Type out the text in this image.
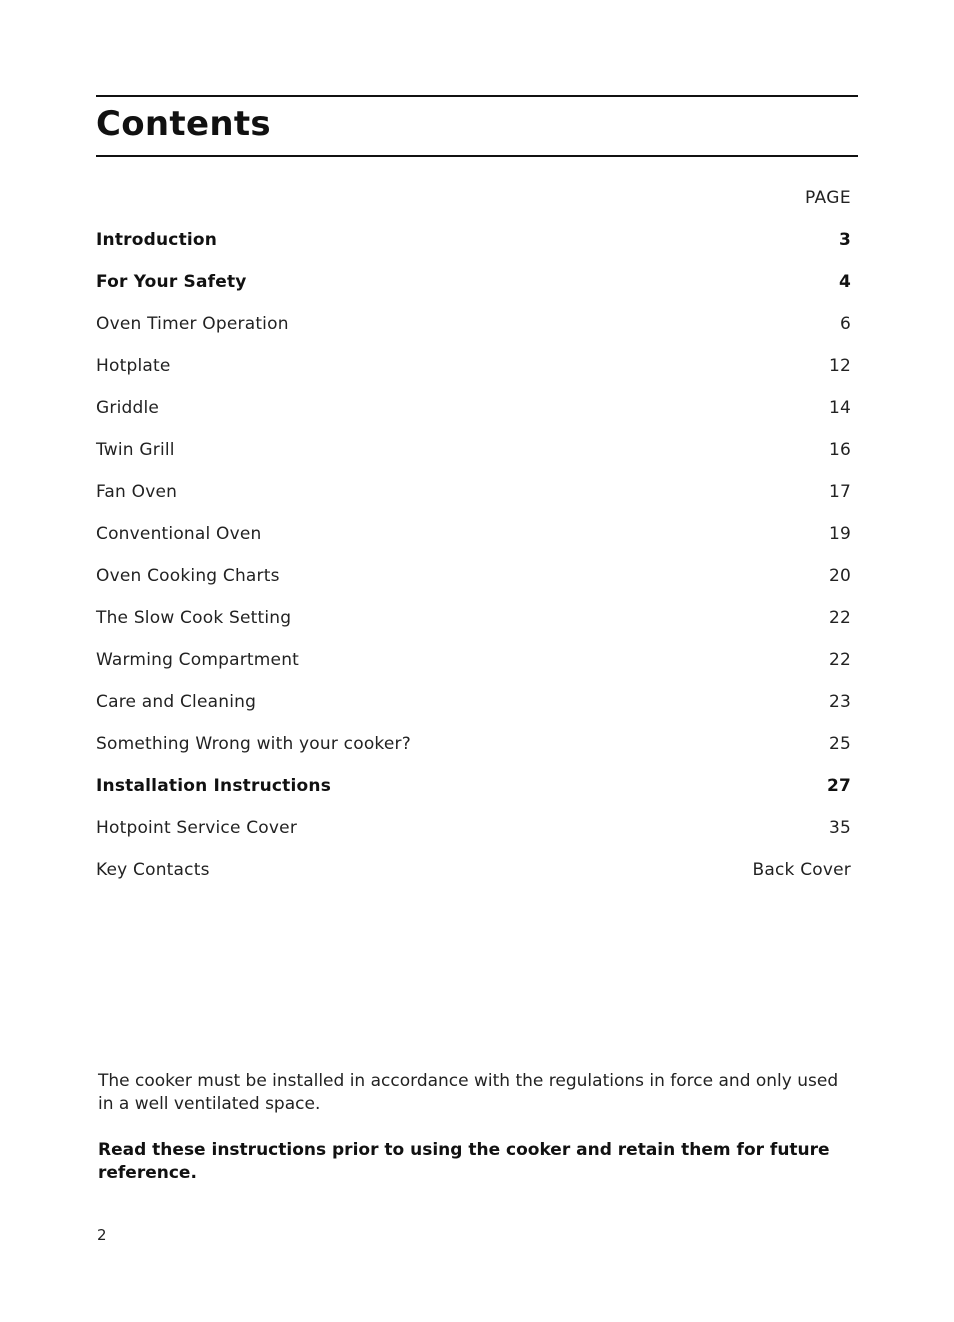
Contents
PAGE
Introduction	3
For Your Safety	4
Oven Timer Operation	6
Hotplate	12
Griddle	14
Twin Grill	16
Fan Oven	17
Conventional Oven	19
Oven Cooking Charts	20
The Slow Cook Setting	22
Warming Compartment	22
Care and Cleaning	23
Something Wrong with your cooker?	25
Installation Instructions	27
Hotpoint Service Cover	35
Key Contacts	Back Cover

The cooker must be installed in accordance with the regulations in force and only used in a well ventilated space.

Read these instructions prior to using the cooker and retain them for future reference.

2
